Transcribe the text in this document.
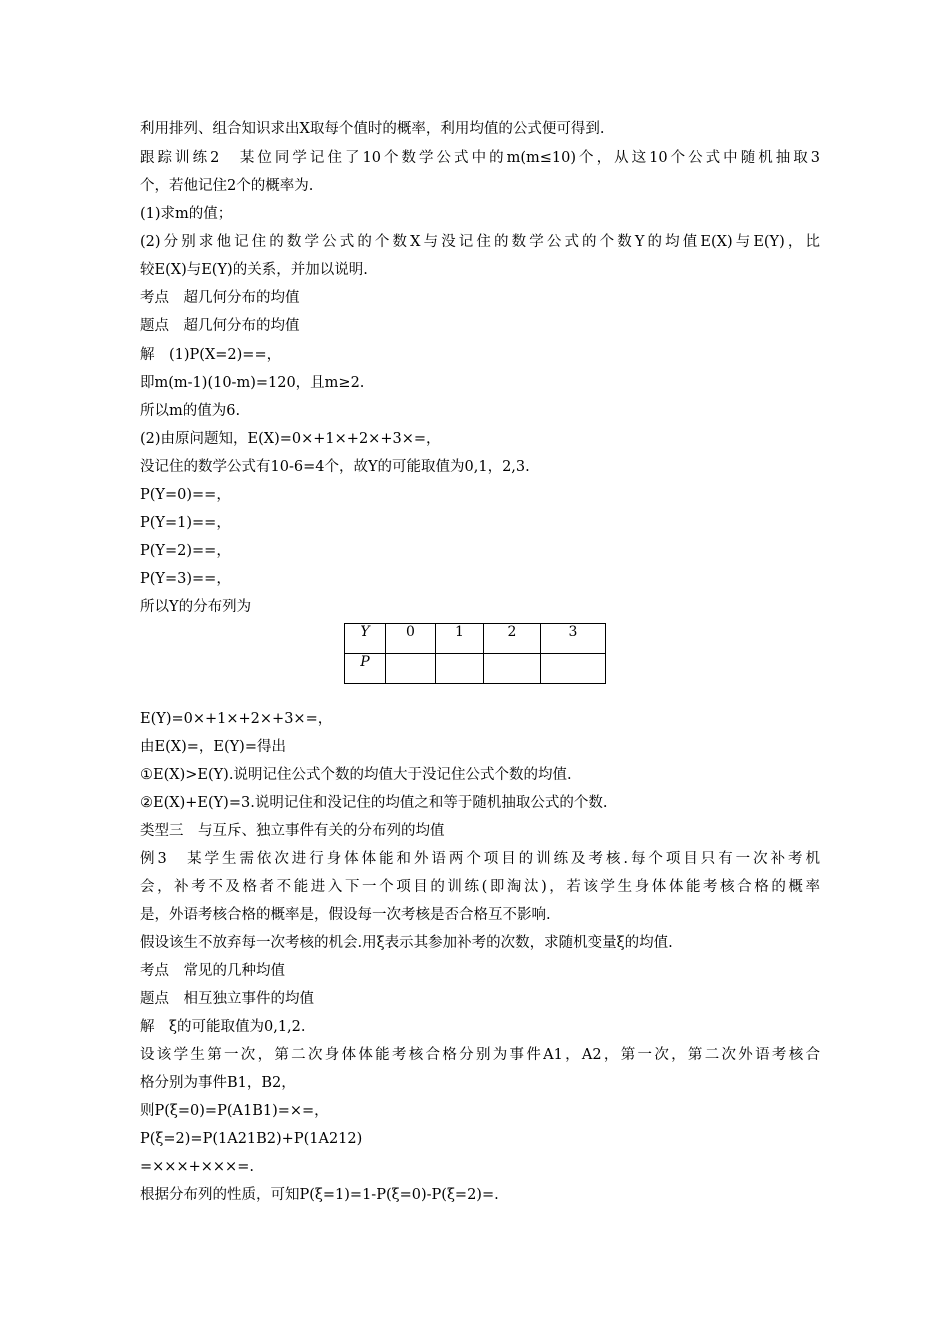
利用排列、组合知识求出X取每个值时的概率，利用均值的公式便可得到.
跟踪训练2　某位同学记住了10个数学公式中的m(m≤10)个，从这10个公式中随机抽取3
个，若他记住2个的概率为.
(1)求m的值；
(2)分别求他记住的数学公式的个数X与没记住的数学公式的个数Y的均值E(X)与E(Y)，比
较E(X)与E(Y)的关系，并加以说明.
考点　超几何分布的均值
题点　超几何分布的均值
解　(1)P(X=2)==，
即m(m-1)(10-m)=120，且m≥2.
所以m的值为6.
(2)由原问题知，E(X)=0×+1×+2×+3×=，
没记住的数学公式有10-6=4个，故Y的可能取值为0,1，2,3.
P(Y=0)==，
P(Y=1)==，
P(Y=2)==，
P(Y=3)==，
所以Y的分布列为
Y	0	1	2	3
P				
E(Y)=0×+1×+2×+3×=，
由E(X)=，E(Y)=得出
①E(X)>E(Y).说明记住公式个数的均值大于没记住公式个数的均值.
②E(X)+E(Y)=3.说明记住和没记住的均值之和等于随机抽取公式的个数.
类型三　与互斥、独立事件有关的分布列的均值
例3　某学生需依次进行身体体能和外语两个项目的训练及考核.每个项目只有一次补考机
会，补考不及格者不能进入下一个项目的训练(即淘汰)，若该学生身体体能考核合格的概率
是，外语考核合格的概率是，假设每一次考核是否合格互不影响.
假设该生不放弃每一次考核的机会.用ξ表示其参加补考的次数，求随机变量ξ的均值.
考点　常见的几种均值
题点　相互独立事件的均值
解　ξ的可能取值为0,1,2.
设该学生第一次，第二次身体体能考核合格分别为事件A1，A2，第一次，第二次外语考核合
格分别为事件B1，B2，
则P(ξ=0)=P(A1B1)=×=，
P(ξ=2)=P(1A21B2)+P(1A212)
=×××+×××=.
根据分布列的性质，可知P(ξ=1)=1-P(ξ=0)-P(ξ=2)=.
